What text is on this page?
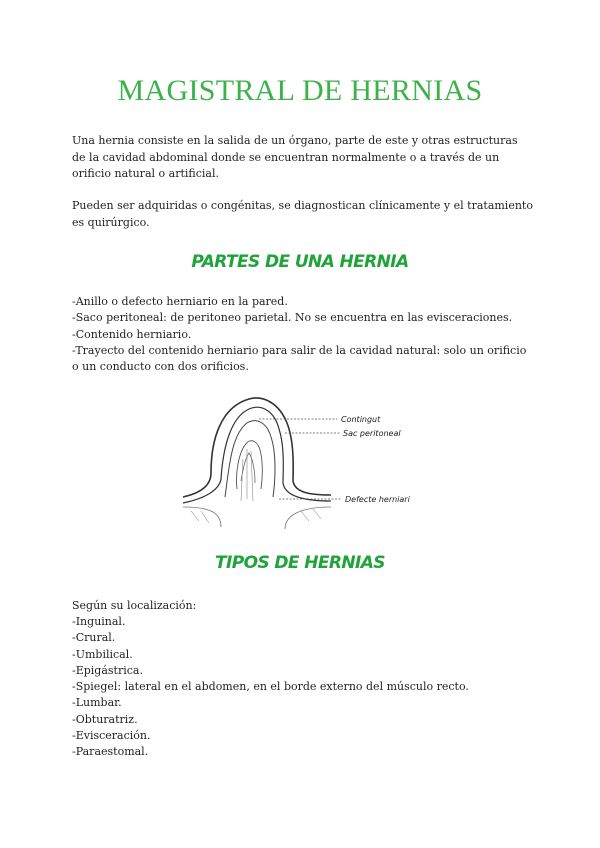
MAGISTRAL DE HERNIAS

Una hernia consiste en la salida de un órgano, parte de este y otras estructuras de la cavidad abdominal donde se encuentran normalmente o a través de un orificio natural o artificial.

Pueden ser adquiridas o congénitas, se diagnostican clínicamente y el tratamiento es quirúrgico.

PARTES DE UNA HERNIA
-Anillo o defecto herniario en la pared.
-Saco peritoneal: de peritoneo parietal. No se encuentra en las evisceraciones.
-Contenido herniario.
-Trayecto del contenido herniario para salir de la cavidad natural: solo un orificio o un conducto con dos orificios.
Contingut
Sac peritoneal
Defecte herniari
TIPOS DE HERNIAS

Según su localización:

-Inguinal.
-Crural.
-Umbilical.
-Epigástrica.
-Spiegel: lateral en el abdomen, en el borde externo del músculo recto.
-Lumbar.
-Obturatriz.
-Evisceración.
-Paraestomal.
